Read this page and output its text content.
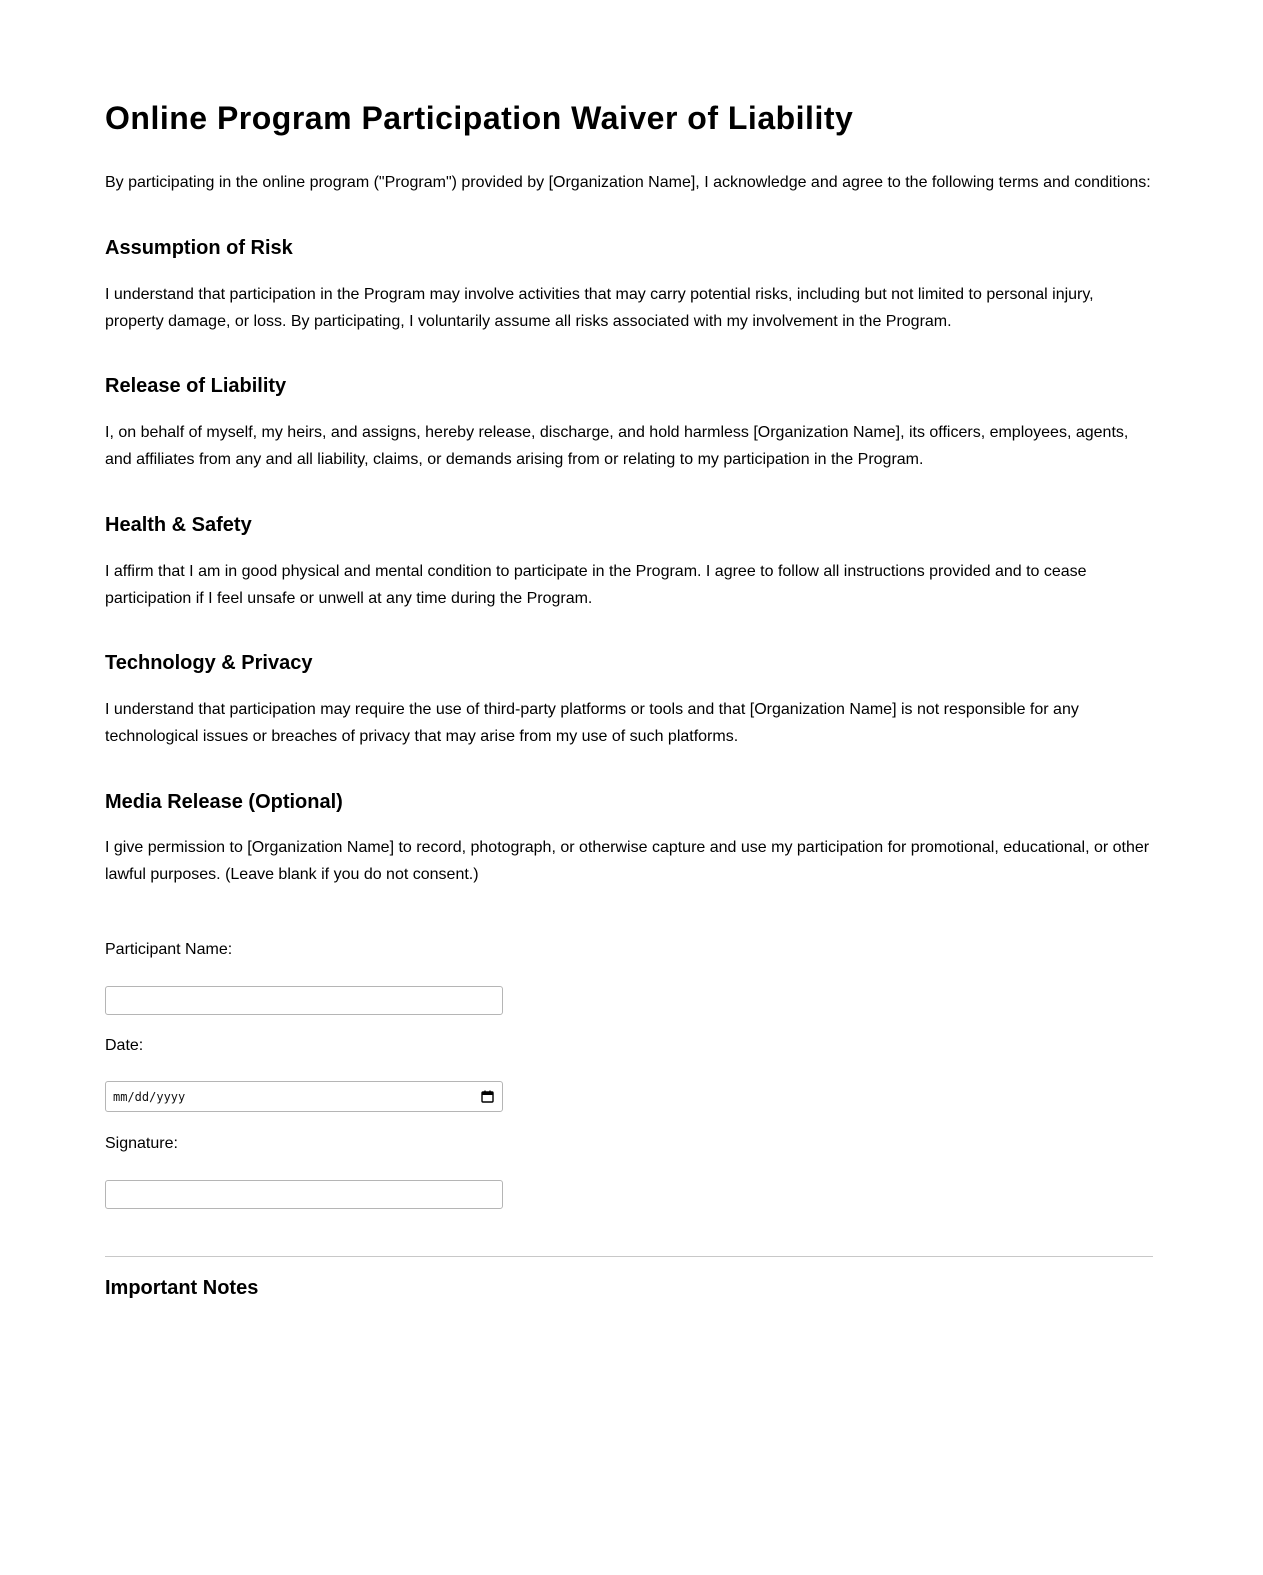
Online Program Participation Waiver of Liability

By participating in the online program ("Program") provided by [Organization Name], I acknowledge and agree to the following terms and conditions:

Assumption of Risk

I understand that participation in the Program may involve activities that may carry potential risks, including but not limited to personal injury, property damage, or loss. By participating, I voluntarily assume all risks associated with my involvement in the Program.

Release of Liability

I, on behalf of myself, my heirs, and assigns, hereby release, discharge, and hold harmless [Organization Name], its officers, employees, agents, and affiliates from any and all liability, claims, or demands arising from or relating to my participation in the Program.

Health & Safety

I affirm that I am in good physical and mental condition to participate in the Program. I agree to follow all instructions provided and to cease participation if I feel unsafe or unwell at any time during the Program.

Technology & Privacy

I understand that participation may require the use of third-party platforms or tools and that [Organization Name] is not responsible for any technological issues or breaches of privacy that may arise from my use of such platforms.

Media Release (Optional)

I give permission to [Organization Name] to record, photograph, or otherwise capture and use my participation for promotional, educational, or other lawful purposes. (Leave blank if you do not consent.)

Participant Name:
Date:
mm/dd/yyyy
Signature:
Important Notes
